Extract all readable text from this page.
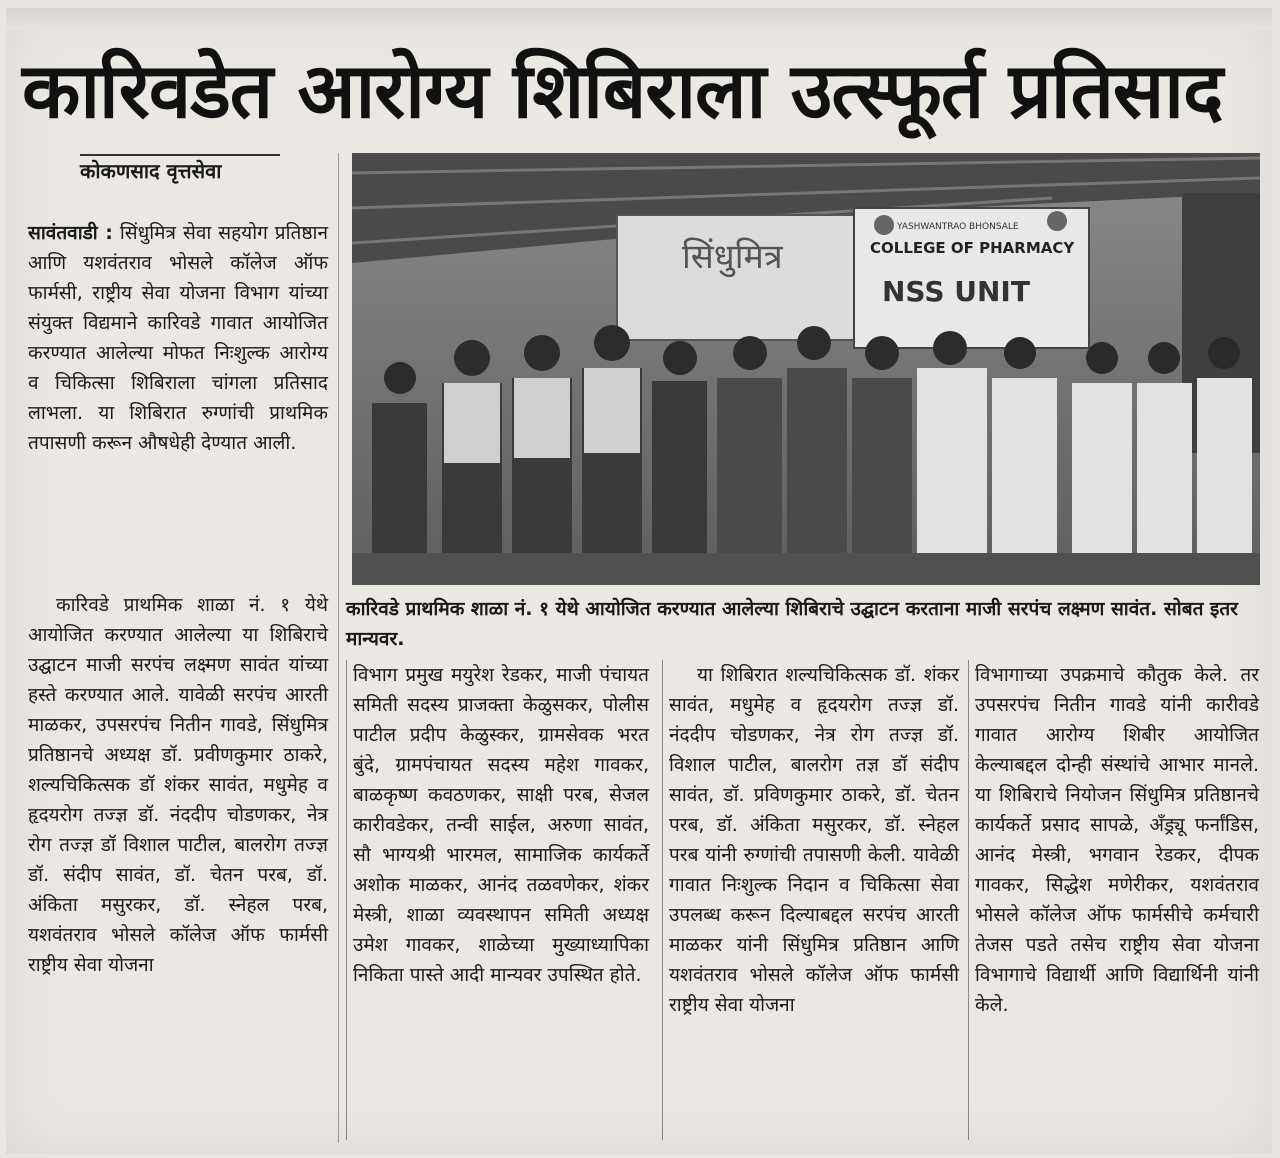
कारिवडेत आरोग्य शिबिराला उत्स्फूर्त प्रतिसाद
कोकणसाद वृत्तसेवा

सावंतवाडी : सिंधुमित्र सेवा सहयोग प्रतिष्ठान आणि यशवंतराव भोसले कॉलेज ऑफ फार्मसी, राष्ट्रीय सेवा योजना विभाग यांच्या संयुक्त विद्यमाने कारिवडे गावात आयोजित करण्यात आलेल्या मोफत निःशुल्क आरोग्य व चिकित्सा शिबिराला चांगला प्रतिसाद लाभला. या शिबिरात रुग्णांची प्राथमिक तपासणी करून औषधेही देण्यात आली.

कारिवडे प्राथमिक शाळा नं. १ येथे आयोजित करण्यात आलेल्या या शिबिराचे उद्घाटन माजी सरपंच लक्ष्मण सावंत यांच्या हस्ते करण्यात आले. यावेळी सरपंच आरती माळकर, उपसरपंच नितीन गावडे, सिंधुमित्र प्रतिष्ठानचे अध्यक्ष डॉ. प्रवीणकुमार ठाकरे, शल्यचिकित्सक डॉ शंकर सावंत, मधुमेह व हृदयरोग तज्ज्ञ डॉ. नंददीप चोडणकर, नेत्र रोग तज्ज्ञ डॉ विशाल पाटील, बालरोग तज्ज्ञ डॉ. संदीप सावंत, डॉ. चेतन परब, डॉ. अंकिता मसुरकर, डॉ. स्नेहल परब, यशवंतराव भोसले कॉलेज ऑफ फार्मसी राष्ट्रीय सेवा योजना

सिंधुमित्र
YASHWANTRAO BHONSALE
COLLEGE OF PHARMACY
NSS UNIT
कारिवडे प्राथमिक शाळा नं. १ येथे आयोजित करण्यात आलेल्या शिबिराचे उद्घाटन करताना माजी सरपंच लक्ष्मण सावंत. सोबत इतर मान्यवर.

विभाग प्रमुख मयुरेश रेडकर, माजी पंचायत समिती सदस्य प्राजक्ता केळुसकर, पोलीस पाटील प्रदीप केळुस्कर, ग्रामसेवक भरत बुंदे, ग्रामपंचायत सदस्य महेश गावकर, बाळकृष्ण कवठणकर, साक्षी परब, सेजल कारीवडेकर, तन्वी साईल, अरुणा सावंत, सौ भाग्यश्री भारमल, सामाजिक कार्यकर्ते अशोक माळकर, आनंद तळवणेकर, शंकर मेस्त्री, शाळा व्यवस्थापन समिती अध्यक्ष उमेश गावकर, शाळेच्या मुख्याध्यापिका निकिता पास्ते आदी मान्यवर उपस्थित होते.

या शिबिरात शल्यचिकित्सक डॉ. शंकर सावंत, मधुमेह व हृदयरोग तज्ज्ञ डॉ. नंददीप चोडणकर, नेत्र रोग तज्ज्ञ डॉ. विशाल पाटील, बालरोग तज्ञ डॉ संदीप सावंत, डॉ. प्रविणकुमार ठाकरे, डॉ. चेतन परब, डॉ. अंकिता मसुरकर, डॉ. स्नेहल परब यांनी रुग्णांची तपासणी केली. यावेळी गावात निःशुल्क निदान व चिकित्सा सेवा उपलब्ध करून दिल्याबद्दल सरपंच आरती माळकर यांनी सिंधुमित्र प्रतिष्ठान आणि यशवंतराव भोसले कॉलेज ऑफ फार्मसी राष्ट्रीय सेवा योजना

विभागाच्या उपक्रमाचे कौतुक केले. तर उपसरपंच नितीन गावडे यांनी कारीवडे गावात आरोग्य शिबीर आयोजित केल्याबद्दल दोन्ही संस्थांचे आभार मानले. या शिबिराचे नियोजन सिंधुमित्र प्रतिष्ठानचे कार्यकर्ते प्रसाद सापळे, अँड्र्यू फर्नांडिस, आनंद मेस्त्री, भगवान रेडकर, दीपक गावकर, सिद्धेश मणेरीकर, यशवंतराव भोसले कॉलेज ऑफ फार्मसीचे कर्मचारी तेजस पडते तसेच राष्ट्रीय सेवा योजना विभागाचे विद्यार्थी आणि विद्यार्थिनी यांनी केले.
